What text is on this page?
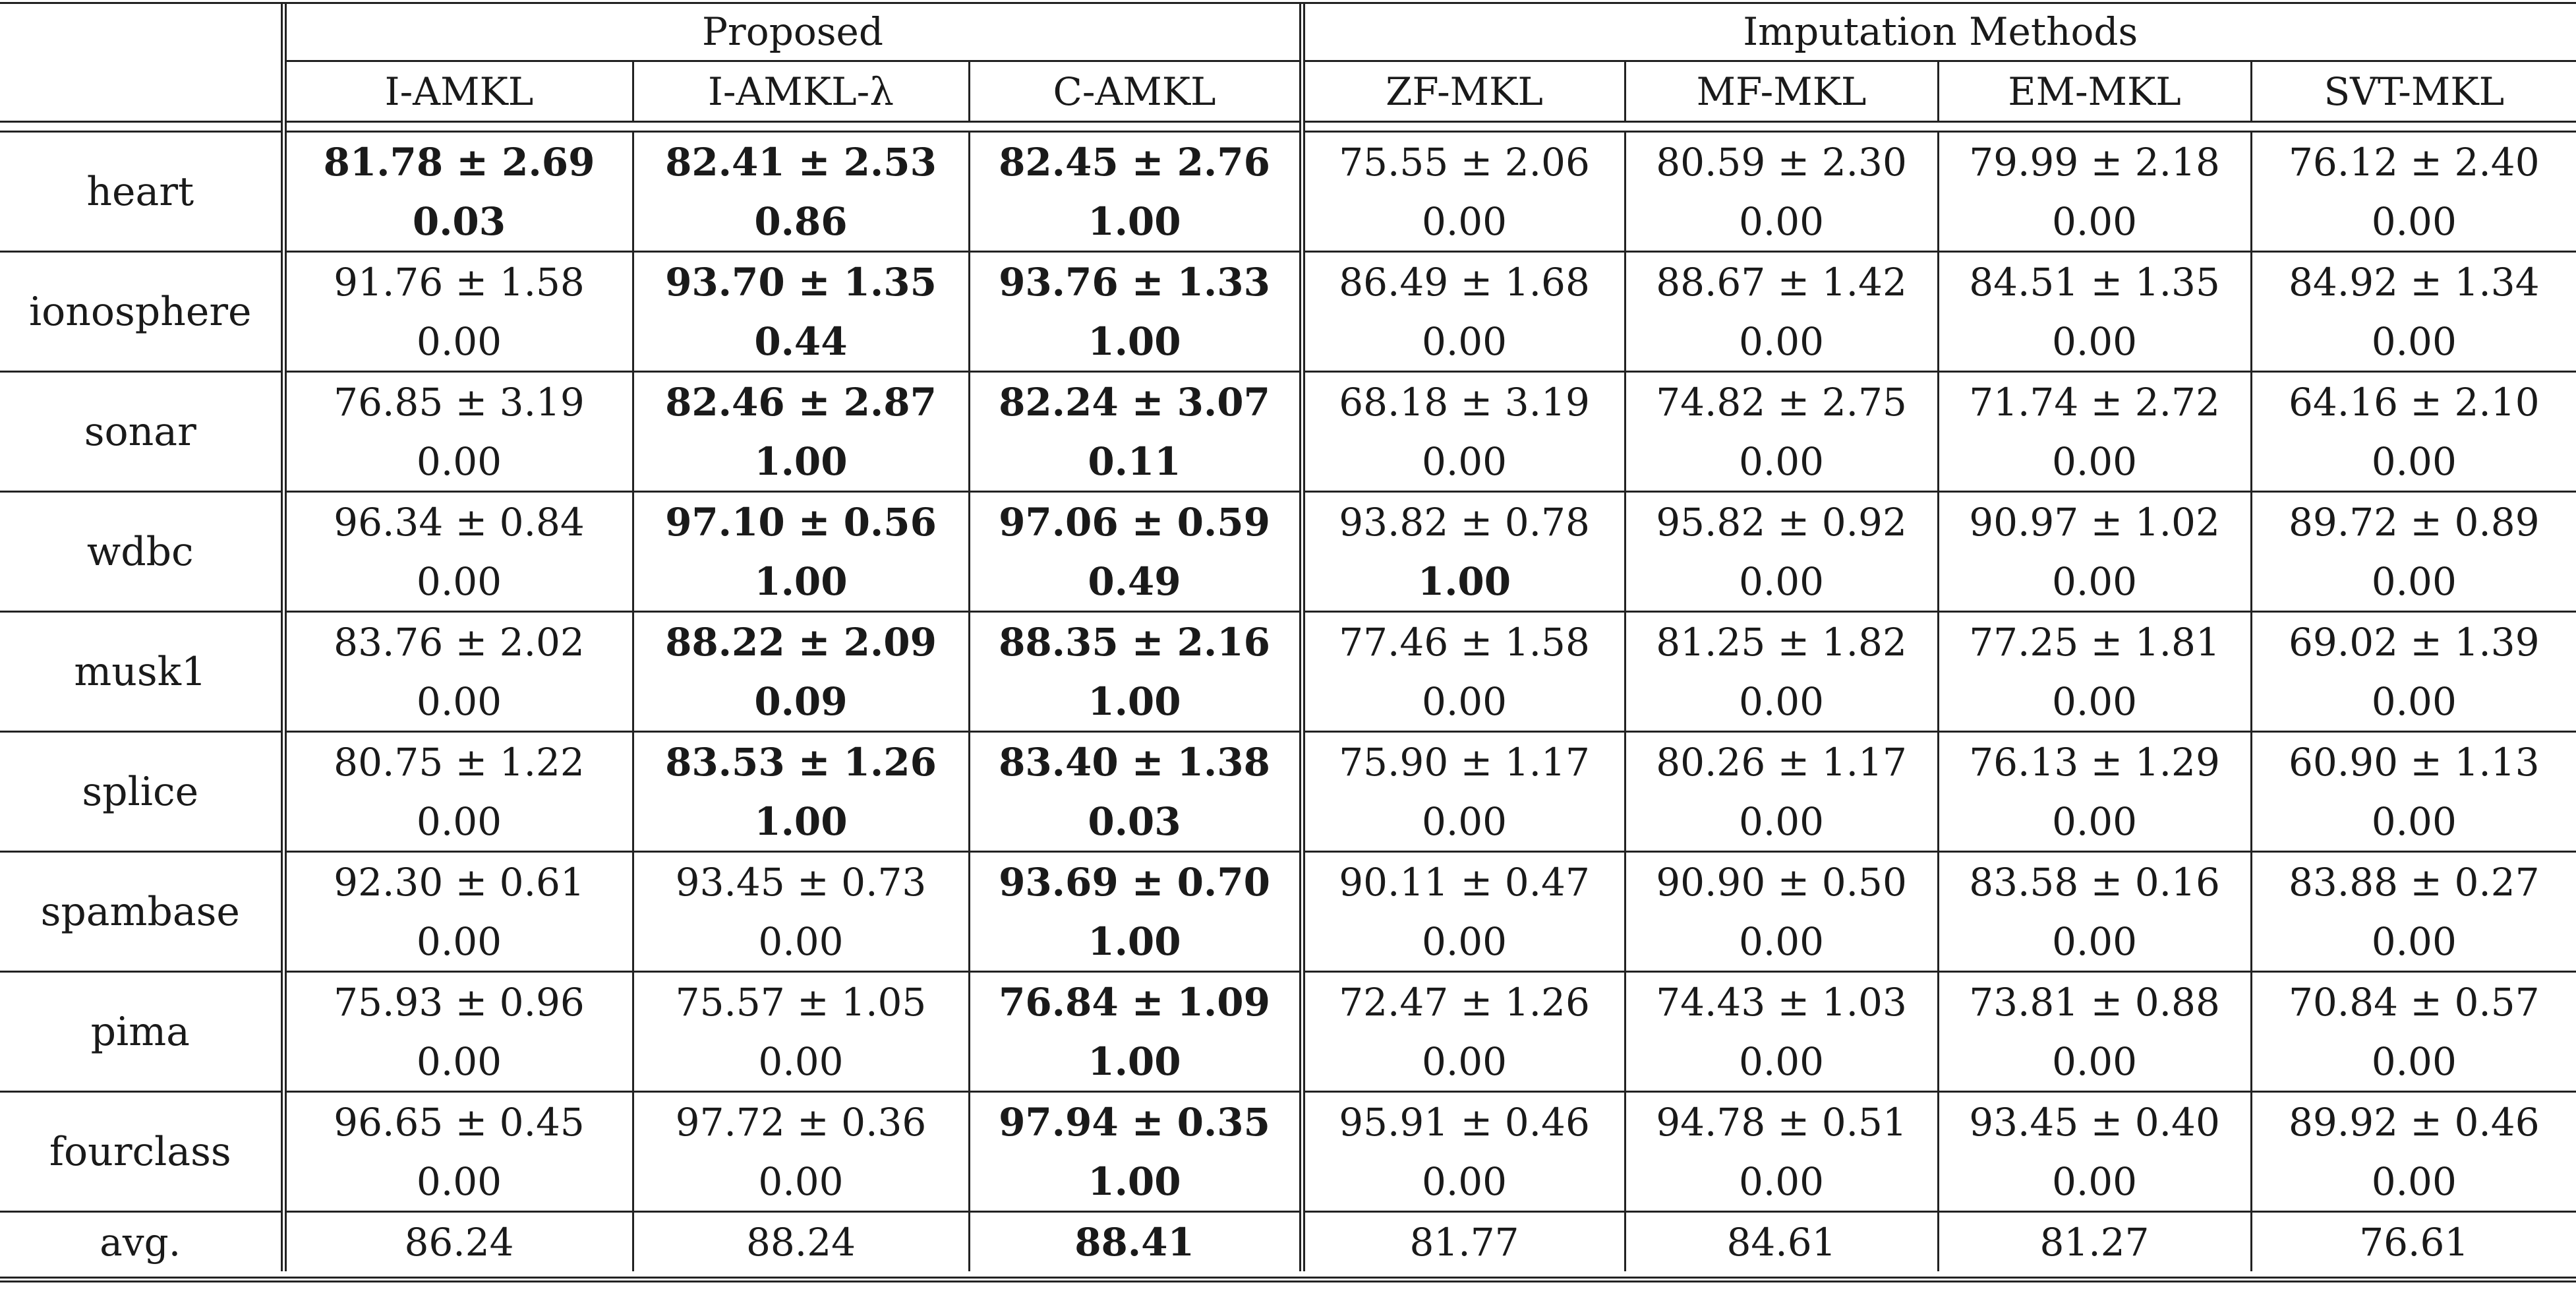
	Proposed			Imputation Methods			
	I-AMKL	I-AMKL-λ	C-AMKL	ZF-MKL	MF-MKL	EM-MKL	SVT-MKL

heart	81.78 ± 2.69	82.41 ± 2.53	82.45 ± 2.76	75.55 ± 2.06	80.59 ± 2.30	79.99 ± 2.18	76.12 ± 2.40
	0.03	0.86	1.00	0.00	0.00	0.00	0.00
ionosphere	91.76 ± 1.58	93.70 ± 1.35	93.76 ± 1.33	86.49 ± 1.68	88.67 ± 1.42	84.51 ± 1.35	84.92 ± 1.34
	0.00	0.44	1.00	0.00	0.00	0.00	0.00
sonar	76.85 ± 3.19	82.46 ± 2.87	82.24 ± 3.07	68.18 ± 3.19	74.82 ± 2.75	71.74 ± 2.72	64.16 ± 2.10
	0.00	1.00	0.11	0.00	0.00	0.00	0.00
wdbc	96.34 ± 0.84	97.10 ± 0.56	97.06 ± 0.59	93.82 ± 0.78	95.82 ± 0.92	90.97 ± 1.02	89.72 ± 0.89
	0.00	1.00	0.49	1.00	0.00	0.00	0.00
musk1	83.76 ± 2.02	88.22 ± 2.09	88.35 ± 2.16	77.46 ± 1.58	81.25 ± 1.82	77.25 ± 1.81	69.02 ± 1.39
	0.00	0.09	1.00	0.00	0.00	0.00	0.00
splice	80.75 ± 1.22	83.53 ± 1.26	83.40 ± 1.38	75.90 ± 1.17	80.26 ± 1.17	76.13 ± 1.29	60.90 ± 1.13
	0.00	1.00	0.03	0.00	0.00	0.00	0.00
spambase	92.30 ± 0.61	93.45 ± 0.73	93.69 ± 0.70	90.11 ± 0.47	90.90 ± 0.50	83.58 ± 0.16	83.88 ± 0.27
	0.00	0.00	1.00	0.00	0.00	0.00	0.00
pima	75.93 ± 0.96	75.57 ± 1.05	76.84 ± 1.09	72.47 ± 1.26	74.43 ± 1.03	73.81 ± 0.88	70.84 ± 0.57
	0.00	0.00	1.00	0.00	0.00	0.00	0.00
fourclass	96.65 ± 0.45	97.72 ± 0.36	97.94 ± 0.35	95.91 ± 0.46	94.78 ± 0.51	93.45 ± 0.40	89.92 ± 0.46
	0.00	0.00	1.00	0.00	0.00	0.00	0.00
avg.	86.24	88.24	88.41	81.77	84.61	81.27	76.61
